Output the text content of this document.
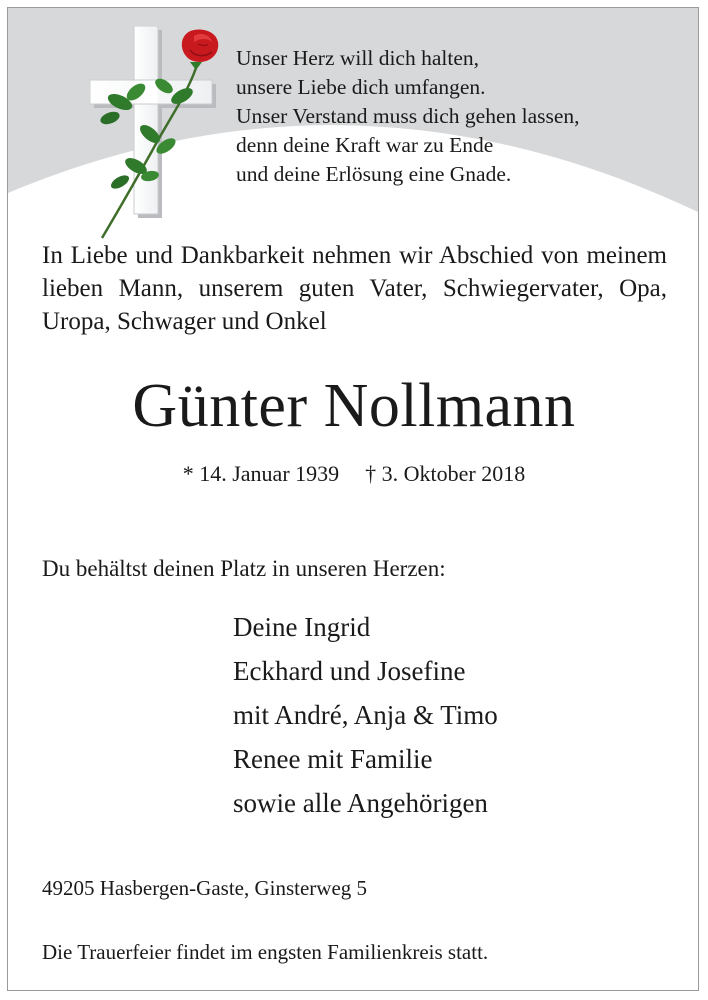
Unser Herz will dich halten,
unsere Liebe dich umfangen.
Unser Verstand muss dich gehen lassen,
denn deine Kraft war zu Ende
und deine Erlösung eine Gnade.

In Liebe und Dankbarkeit nehmen wir Abschied von meinem lieben Mann, unserem guten Vater, Schwiegervater, Opa, Uropa, Schwager und Onkel

Günter Nollmann
* 14. Januar 1939 † 3. Oktober 2018

Du behältst deinen Platz in unseren Herzen:

Deine Ingrid
Eckhard und Josefine
mit André, Anja & Timo
Renee mit Familie
sowie alle Angehörigen
49205 Hasbergen-Gaste, Ginsterweg 5
Die Trauerfeier findet im engsten Familienkreis statt.
